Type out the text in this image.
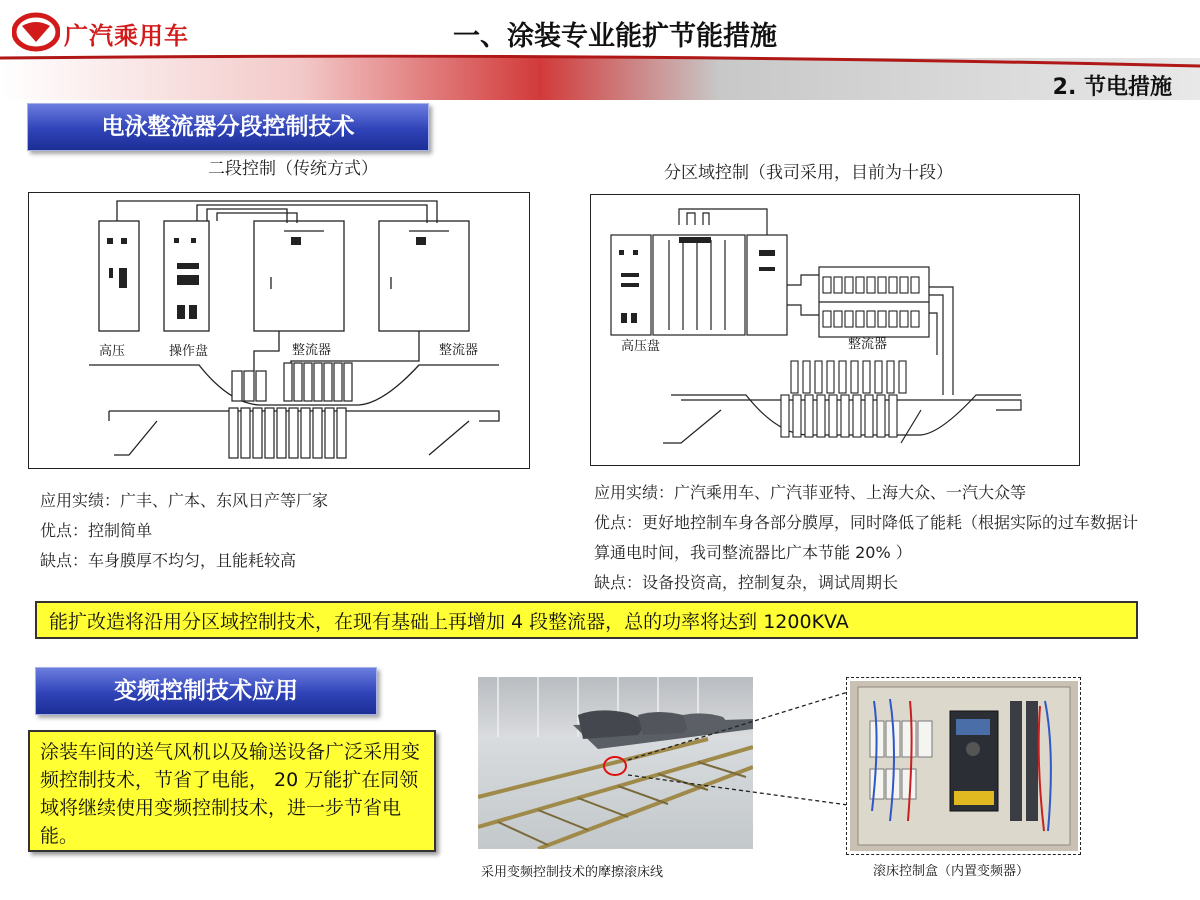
广汽乘用车	一、涂装专业能扩节能措施
2. 节电措施
电泳整流器分段控制技术
二段控制（传统方式）	分区域控制（我司采用，目前为十段）
高压	操作盘	整流器	整流器	高压盘	整流器
应用实绩：广丰、广本、东风日产等厂家
优点：控制简单
缺点：车身膜厚不均匀，且能耗较高
应用实绩：广汽乘用车、广汽菲亚特、上海大众、一汽大众等
优点：更好地控制车身各部分膜厚，同时降低了能耗（根据实际的过车数据计算通电时间，我司整流器比广本节能 20% ）
缺点：设备投资高，控制复杂，调试周期长
能扩改造将沿用分区域控制技术，在现有基础上再增加 4 段整流器，总的功率将达到 1200KVA
变频控制技术应用
涂装车间的送气风机以及输送设备广泛采用变频控制技术，节省了电能， 20 万能扩在同领域将继续使用变频控制技术，进一步节省电能。
采用变频控制技术的摩擦滚床线	滚床控制盒（内置变频器）
